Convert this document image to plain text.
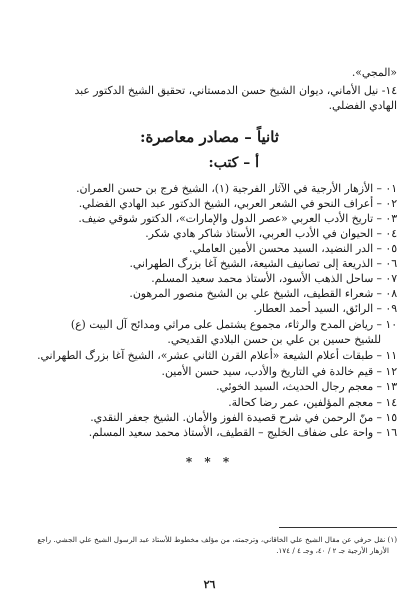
«المجي».
١٤- نيل الأماني، ديوان الشيخ حسن الدمستاني، تحقيق الشيخ الدكتور عبد
الهادي الفضلي.
ثانياً – مصادر معاصرة:
أ – كتب:
٠١ – الأزهار الأرجية في الآثار الفرجية (١)، الشيخ فرج بن حسن العمران.
٠٢ – أعراف النحو في الشعر العربي، الشيخ الدكتور عبد الهادي الفضلي.
٠٣ – تاريخ الأدب العربي «عصر الدول والإمارات»، الدكتور شوقي ضيف.
٠٤ – الحيوان في الأدب العربي، الأستاذ شاكر هادي شكر.
٠٥ – الدر النضيد، السيد محسن الأمين العاملي.
٠٦ – الذريعة إلى تصانيف الشيعة، الشيخ آغا بزرگ الطهراني.
٠٧ – ساحل الذهب الأسود، الأستاذ محمد سعيد المسلم.
٠٨ – شعراء القطيف، الشيخ علي بن الشيخ منصور المرهون.
٠٩ – الرائق، السيد أحمد العطار.
١٠ – رياض المدح والرثاء، مجموع يشتمل على مراثي ومدائح آل البيت (ع)
للشيخ حسين بن علي بن حسن البلادي القديحي.
١١ – طبقات أعلام الشيعة «أعلام القرن الثاني عشر»، الشيخ آغا بزرگ الطهراني.
١٢ – قيم خالدة في التاريخ والأدب، سيد حسن الأمين.
١٣ – معجم رجال الحديث، السيد الخوئي.
١٤ – معجم المؤلفين، عمر رضا كحالة.
١٥ – منّ الرحمن في شرح قصيدة الفوز والأمان. الشيخ جعفر النقدي.
١٦ – واحة على ضفاف الخليج – القطيف، الأستاذ محمد سعيد المسلم.
* * *
(١) نقل حرفي عن مقال الشيخ علي الخاقاني، وترجمته، من مؤلف مخطوط للأستاذ عبد الرسول الشيخ علي الجشي. راجع
الأزهار الأرجية جـ ٢ / ٤٠، وجـ ٤ / ١٧٤.
٢٦
